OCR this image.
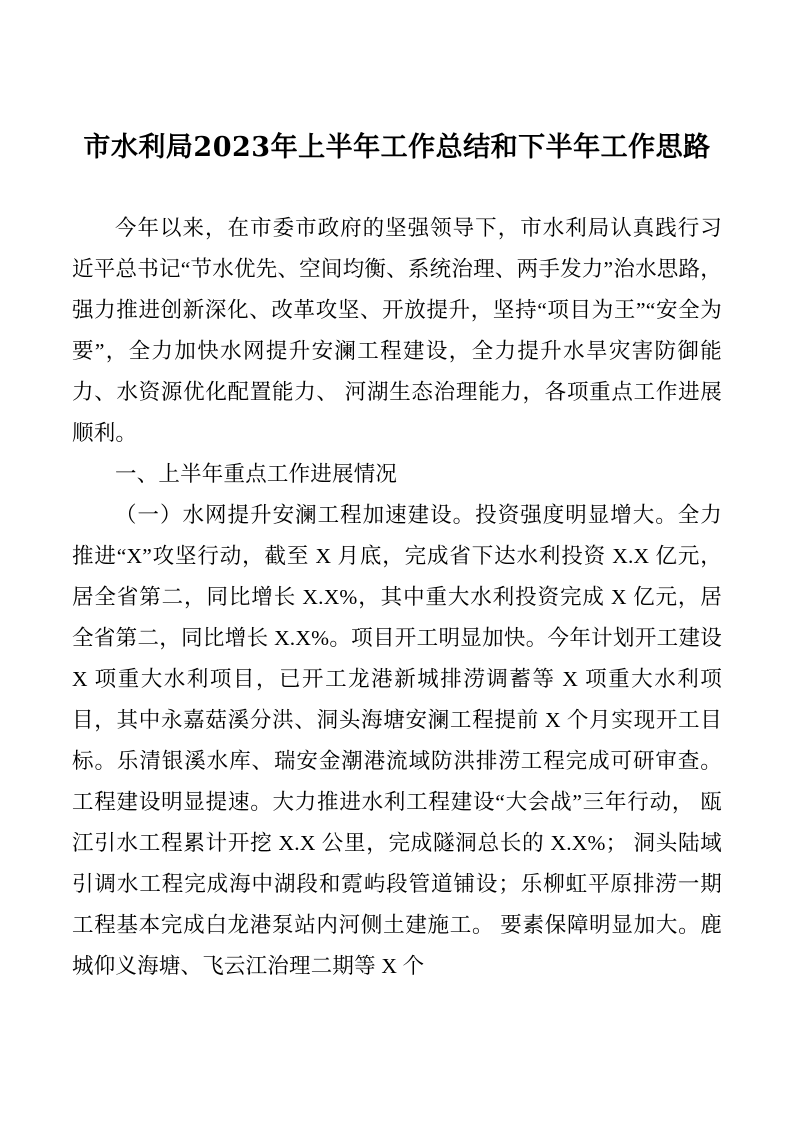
市水利局2023年上半年工作总结和下半年工作思路

今年以来，在市委市政府的坚强领导下，市水利局认真践行习近平总书记“节水优先、空间均衡、系统治理、两手发力”治水思路，强力推进创新深化、改革攻坚、开放提升，坚持“项目为王”“安全为要”，全力加快水网提升安澜工程建设，全力提升水旱灾害防御能力、水资源优化配置能力、 河湖生态治理能力，各项重点工作进展顺利。

一、上半年重点工作进展情况

（一）水网提升安澜工程加速建设。投资强度明显增大。全力推进“X”攻坚行动，截至 X 月底，完成省下达水利投资 X.X 亿元，居全省第二，同比增长 X.X%，其中重大水利投资完成 X 亿元，居全省第二，同比增长 X.X%。项目开工明显加快。今年计划开工建设 X 项重大水利项目，已开工龙港新城排涝调蓄等 X 项重大水利项目，其中永嘉菇溪分洪、洞头海塘安澜工程提前 X 个月实现开工目标。乐清银溪水库、瑞安金潮港流域防洪排涝工程完成可研审查。工程建设明显提速。大力推进水利工程建设“大会战”三年行动， 瓯江引水工程累计开挖 X.X 公里，完成隧洞总长的 X.X%； 洞头陆域引调水工程完成海中湖段和霓屿段管道铺设；乐柳虹平原排涝一期工程基本完成白龙港泵站内河侧土建施工。 要素保障明显加大。鹿城仰义海塘、飞云江治理二期等 X 个
